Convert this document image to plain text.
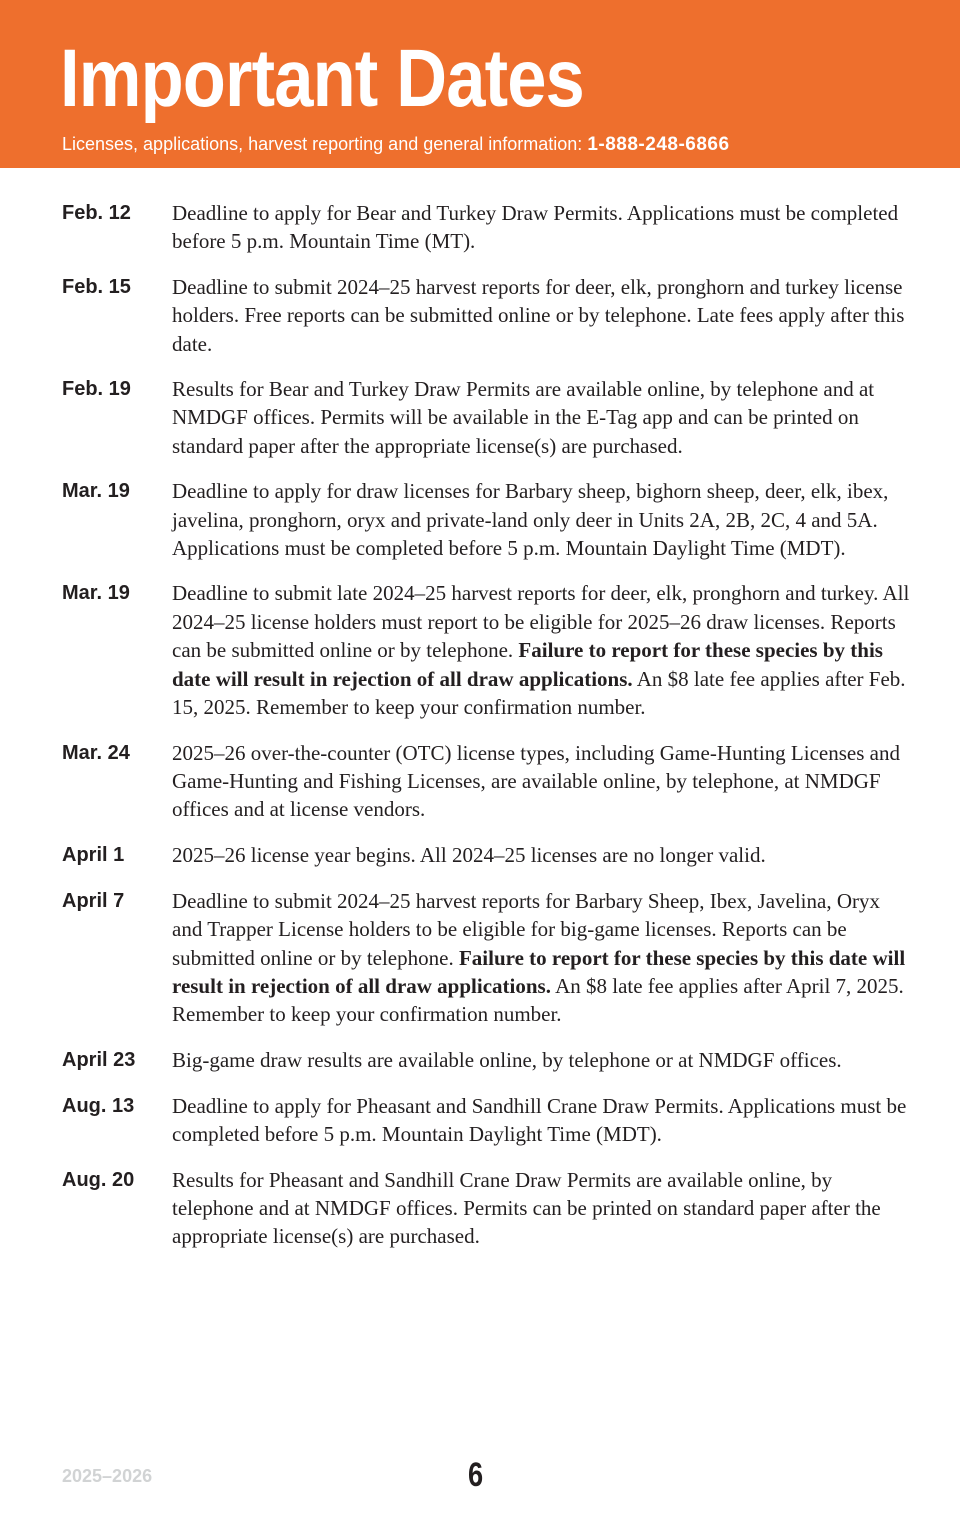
Important Dates
Licenses, applications, harvest reporting and general information: 1-888-248-6866
Feb. 12	Deadline to apply for Bear and Turkey Draw Permits. Applications must be completed before 5 p.m. Mountain Time (MT).
Feb. 15	Deadline to submit 2024–25 harvest reports for deer, elk, pronghorn and turkey license holders. Free reports can be submitted online or by telephone. Late fees apply after this date.
Feb. 19	Results for Bear and Turkey Draw Permits are available online, by telephone and at NMDGF offices. Permits will be available in the E-Tag app and can be printed on standard paper after the appropriate license(s) are purchased.
Mar. 19	Deadline to apply for draw licenses for Barbary sheep, bighorn sheep, deer, elk, ibex, javelina, pronghorn, oryx and private-land only deer in Units 2A, 2B, 2C, 4 and 5A. Applications must be completed before 5 p.m. Mountain Daylight Time (MDT).
Mar. 19	Deadline to submit late 2024–25 harvest reports for deer, elk, pronghorn and turkey. All 2024–25 license holders must report to be eligible for 2025–26 draw licenses. Reports can be submitted online or by telephone. Failure to report for these species by this date will result in rejection of all draw applications. An $8 late fee applies after Feb. 15, 2025. Remember to keep your confirmation number.
Mar. 24	2025–26 over-the-counter (OTC) license types, including Game-Hunting Licenses and Game-Hunting and Fishing Licenses, are available online, by telephone, at NMDGF offices and at license vendors.
April 1	2025–26 license year begins. All 2024–25 licenses are no longer valid.
April 7	Deadline to submit 2024–25 harvest reports for Barbary Sheep, Ibex, Javelina, Oryx and Trapper License holders to be eligible for big-game licenses. Reports can be submitted online or by telephone. Failure to report for these species by this date will result in rejection of all draw applications. An $8 late fee applies after April 7, 2025. Remember to keep your confirmation number.
April 23	Big-game draw results are available online, by telephone or at NMDGF offices.
Aug. 13	Deadline to apply for Pheasant and Sandhill Crane Draw Permits. Applications must be completed before 5 p.m. Mountain Daylight Time (MDT).
Aug. 20	Results for Pheasant and Sandhill Crane Draw Permits are available online, by telephone and at NMDGF offices. Permits can be printed on standard paper after the appropriate license(s) are purchased.
2025–2026	6
